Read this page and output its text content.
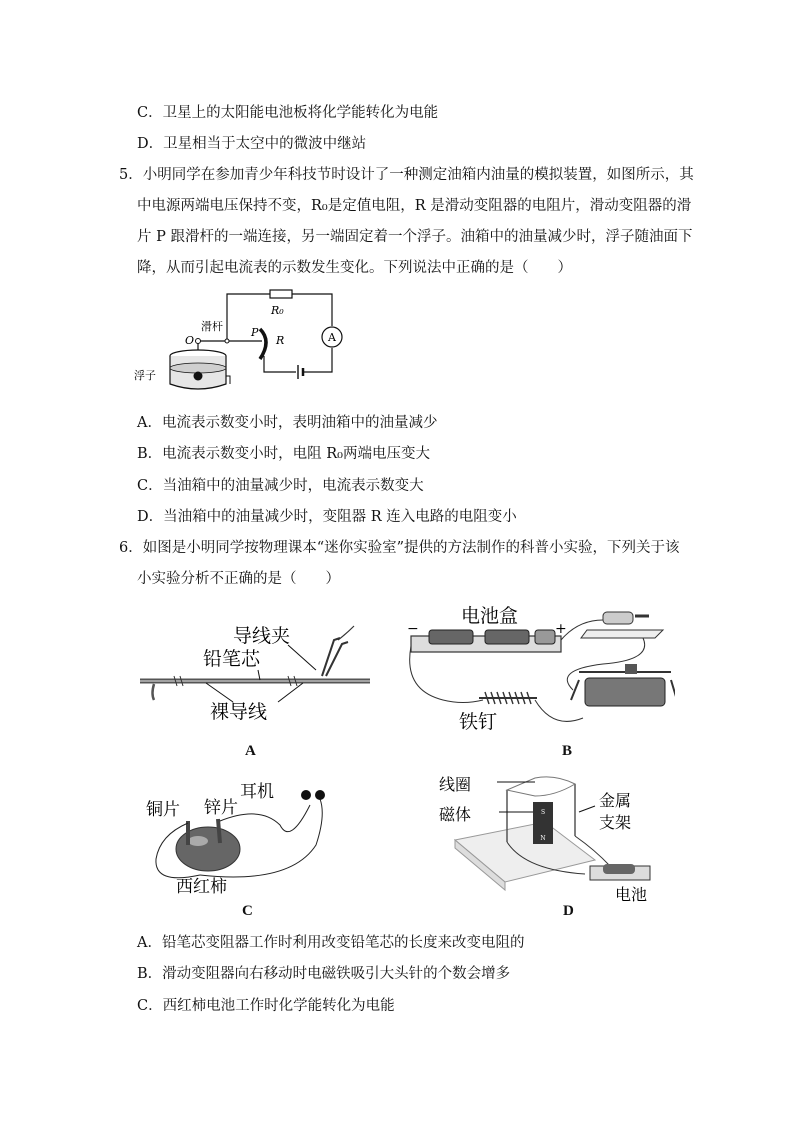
C．卫星上的太阳能电池板将化学能转化为电能
D．卫星相当于太空中的微波中继站
5．小明同学在参加青少年科技节时设计了一种测定油箱内油量的模拟装置，如图所示，其
中电源两端电压保持不变，R₀是定值电阻，R 是滑动变阻器的电阻片，滑动变阻器的滑
片 P 跟滑杆的一端连接，另一端固定着一个浮子。油箱中的油量减少时，浮子随油面下
降，从而引起电流表的示数发生变化。下列说法中正确的是（　　）
A
R₀
O
滑杆	P
R
浮子
A．电流表示数变小时，表明油箱中的油量减少
B．电流表示数变小时，电阻 R₀两端电压变大
C．当油箱中的油量减少时，电流表示数变大
D．当油箱中的油量减少时，变阻器 R 连入电路的电阻变小
6．如图是小明同学按物理课本“迷你实验室”提供的方法制作的科普小实验，下列关于该
小实验分析不正确的是（　　）
导线夹
铅笔芯
裸导线
A
−	+
电池盒
铁钉
B
耳机
铜片 锌片
西红柿
C
S
N
线圈
磁体
金属
支架
电池
D
A．铅笔芯变阻器工作时利用改变铅笔芯的长度来改变电阻的
B．滑动变阻器向右移动时电磁铁吸引大头针的个数会增多
C．西红柿电池工作时化学能转化为电能
